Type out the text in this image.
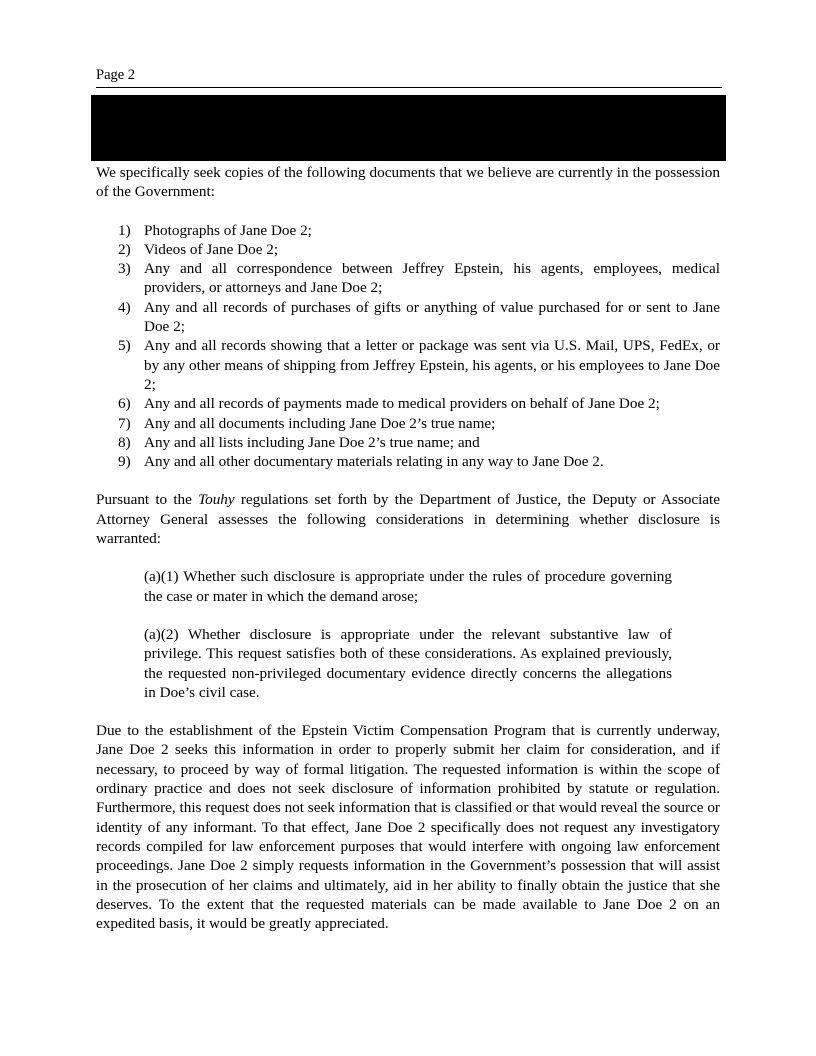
Page 2

We specifically seek copies of the following documents that we believe are currently in the possession of the Government:

1) Photographs of Jane Doe 2;
2) Videos of Jane Doe 2;
3) Any and all correspondence between Jeffrey Epstein, his agents, employees, medical providers, or attorneys and Jane Doe 2;
4) Any and all records of purchases of gifts or anything of value purchased for or sent to Jane Doe 2;
5) Any and all records showing that a letter or package was sent via U.S. Mail, UPS, FedEx, or by any other means of shipping from Jeffrey Epstein, his agents, or his employees to Jane Doe 2;
6) Any and all records of payments made to medical providers on behalf of Jane Doe 2;
7) Any and all documents including Jane Doe 2’s true name;
8) Any and all lists including Jane Doe 2’s true name; and
9) Any and all other documentary materials relating in any way to Jane Doe 2.

Pursuant to the Touhy regulations set forth by the Department of Justice, the Deputy or Associate Attorney General assesses the following considerations in determining whether disclosure is warranted:

(a)(1) Whether such disclosure is appropriate under the rules of procedure governing the case or mater in which the demand arose;

(a)(2) Whether disclosure is appropriate under the relevant substantive law of privilege. This request satisfies both of these considerations. As explained previously, the requested non-privileged documentary evidence directly concerns the allegations in Doe’s civil case.

Due to the establishment of the Epstein Victim Compensation Program that is currently underway, Jane Doe 2 seeks this information in order to properly submit her claim for consideration, and if necessary, to proceed by way of formal litigation. The requested information is within the scope of ordinary practice and does not seek disclosure of information prohibited by statute or regulation. Furthermore, this request does not seek information that is classified or that would reveal the source or identity of any informant. To that effect, Jane Doe 2 specifically does not request any investigatory records compiled for law enforcement purposes that would interfere with ongoing law enforcement proceedings. Jane Doe 2 simply requests information in the Government’s possession that will assist in the prosecution of her claims and ultimately, aid in her ability to finally obtain the justice that she deserves. To the extent that the requested materials can be made available to Jane Doe 2 on an expedited basis, it would be greatly appreciated.
